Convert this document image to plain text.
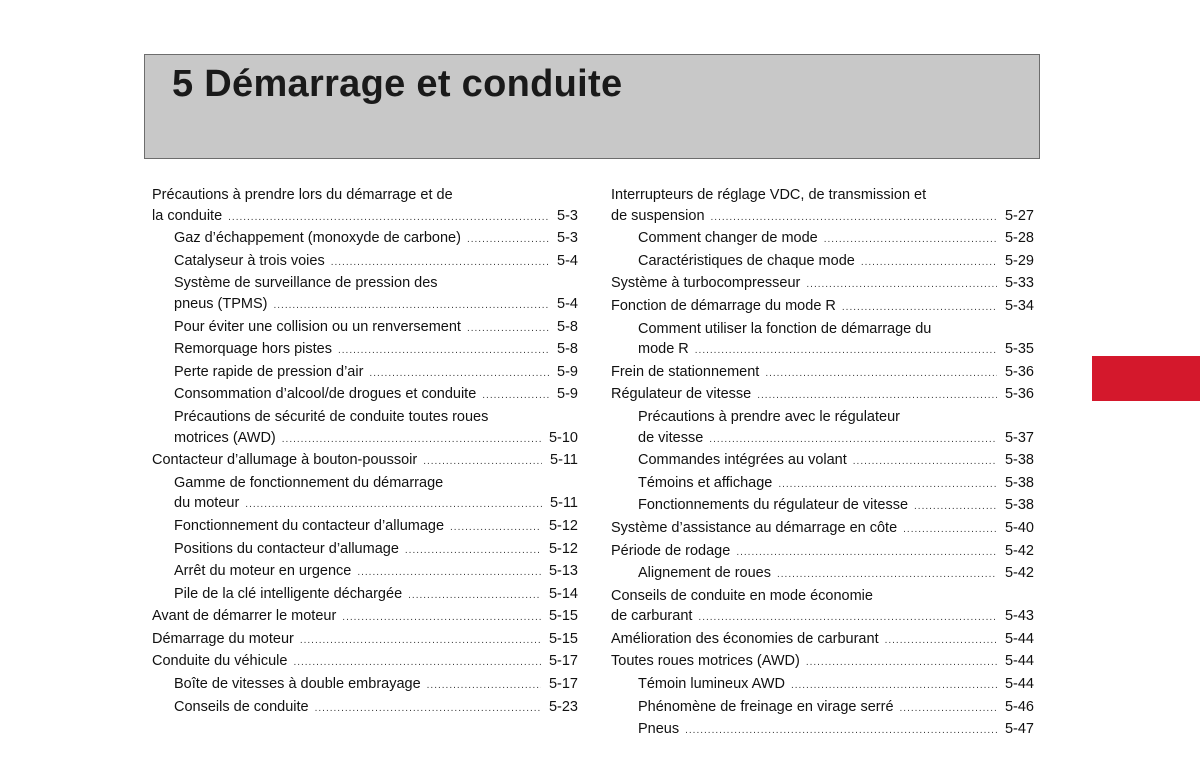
5 Démarrage et conduite
Précautions à prendre lors du démarrage et de
la conduite .....	5-3
Gaz d’échappement (monoxyde de carbone) .....	5-3
Catalyseur à trois voies .....	5-4
Système de surveillance de pression des
pneus (TPMS) .....	5-4
Pour éviter une collision ou un renversement .....	5-8
Remorquage hors pistes .....	5-8
Perte rapide de pression d’air .....	5-9
Consommation d’alcool/de drogues et conduite .....	5-9
Précautions de sécurité de conduite toutes roues
motrices (AWD) .....	5-10
Contacteur d’allumage à bouton-poussoir .....	5-11
Gamme de fonctionnement du démarrage
du moteur .....	5-11
Fonctionnement du contacteur d’allumage .....	5-12
Positions du contacteur d’allumage .....	5-12
Arrêt du moteur en urgence .....	5-13
Pile de la clé intelligente déchargée .....	5-14
Avant de démarrer le moteur .....	5-15
Démarrage du moteur .....	5-15
Conduite du véhicule .....	5-17
Boîte de vitesses à double embrayage .....	5-17
Conseils de conduite .....	5-23
Interrupteurs de réglage VDC, de transmission et
de suspension .....	5-27
Comment changer de mode .....	5-28
Caractéristiques de chaque mode .....	5-29
Système à turbocompresseur .....	5-33
Fonction de démarrage du mode R .....	5-34
Comment utiliser la fonction de démarrage du
mode R .....	5-35
Frein de stationnement .....	5-36
Régulateur de vitesse .....	5-36
Précautions à prendre avec le régulateur
de vitesse .....	5-37
Commandes intégrées au volant .....	5-38
Témoins et affichage .....	5-38
Fonctionnements du régulateur de vitesse .....	5-38
Système d’assistance au démarrage en côte .....	5-40
Période de rodage .....	5-42
Alignement de roues .....	5-42
Conseils de conduite en mode économie
de carburant .....	5-43
Amélioration des économies de carburant .....	5-44
Toutes roues motrices (AWD) .....	5-44
Témoin lumineux AWD .....	5-44
Phénomène de freinage en virage serré .....	5-46
Pneus .....	5-47
